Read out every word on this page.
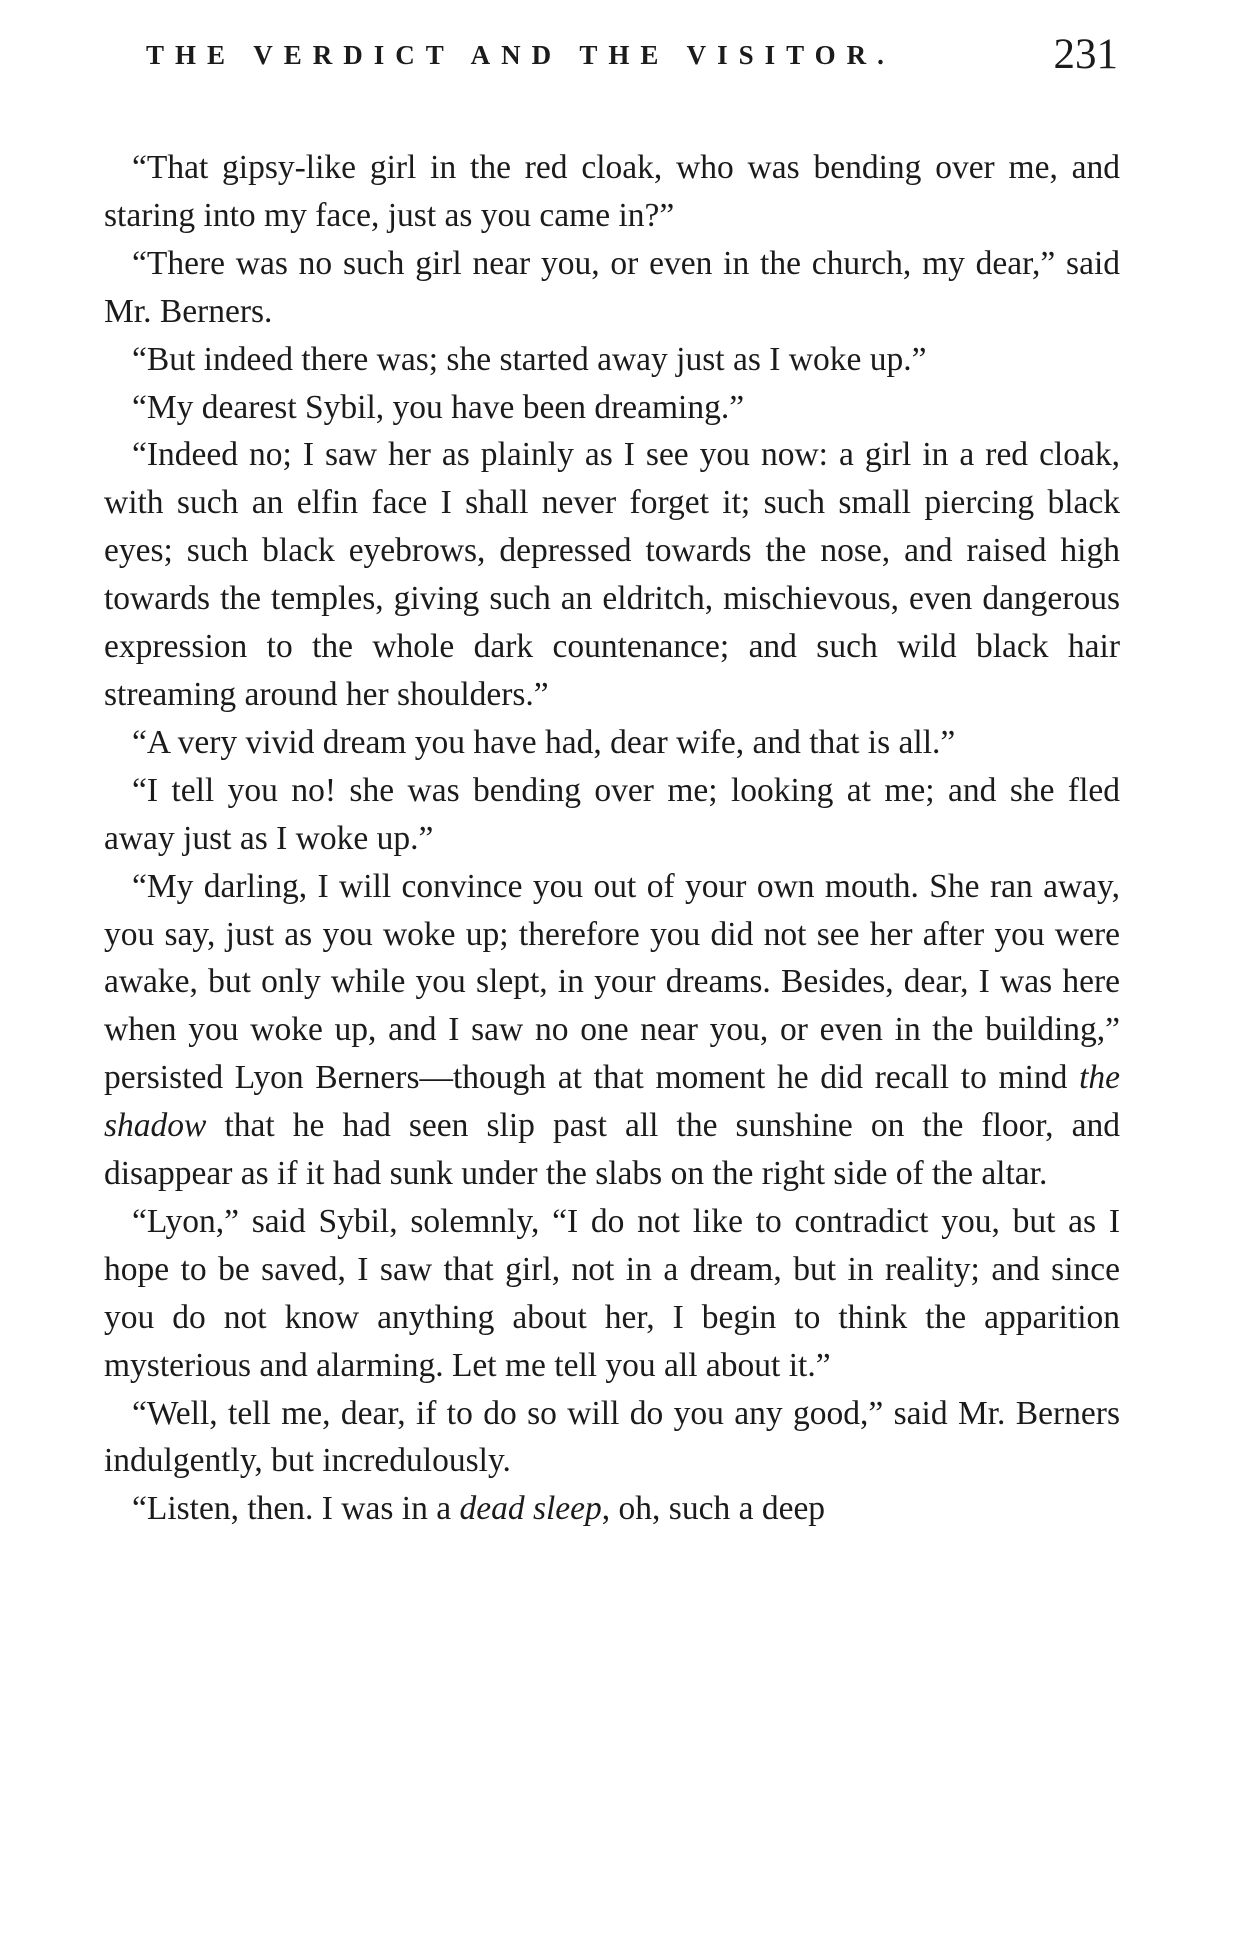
THE VERDICT AND THE VISITOR.	231

“That gipsy-like girl in the red cloak, who was bending over me, and staring into my face, just as you came in?”

“There was no such girl near you, or even in the church, my dear,” said Mr. Berners.

“But indeed there was; she started away just as I woke up.”

“My dearest Sybil, you have been dreaming.”

“Indeed no; I saw her as plainly as I see you now: a girl in a red cloak, with such an elfin face I shall never forget it; such small piercing black eyes; such black eyebrows, depressed towards the nose, and raised high towards the temples, giving such an eldritch, mischievous, even dangerous expression to the whole dark countenance; and such wild black hair streaming around her shoulders.”

“A very vivid dream you have had, dear wife, and that is all.”

“I tell you no! she was bending over me; looking at me; and she fled away just as I woke up.”

“My darling, I will convince you out of your own mouth. She ran away, you say, just as you woke up; therefore you did not see her after you were awake, but only while you slept, in your dreams. Besides, dear, I was here when you woke up, and I saw no one near you, or even in the building,” persisted Lyon Berners—though at that moment he did recall to mind the shadow that he had seen slip past all the sunshine on the floor, and disappear as if it had sunk under the slabs on the right side of the altar.

“Lyon,” said Sybil, solemnly, “I do not like to contradict you, but as I hope to be saved, I saw that girl, not in a dream, but in reality; and since you do not know anything about her, I begin to think the apparition mysterious and alarming. Let me tell you all about it.”

“Well, tell me, dear, if to do so will do you any good,” said Mr. Berners indulgently, but incredulously.

“Listen, then. I was in a dead sleep, oh, such a deep
